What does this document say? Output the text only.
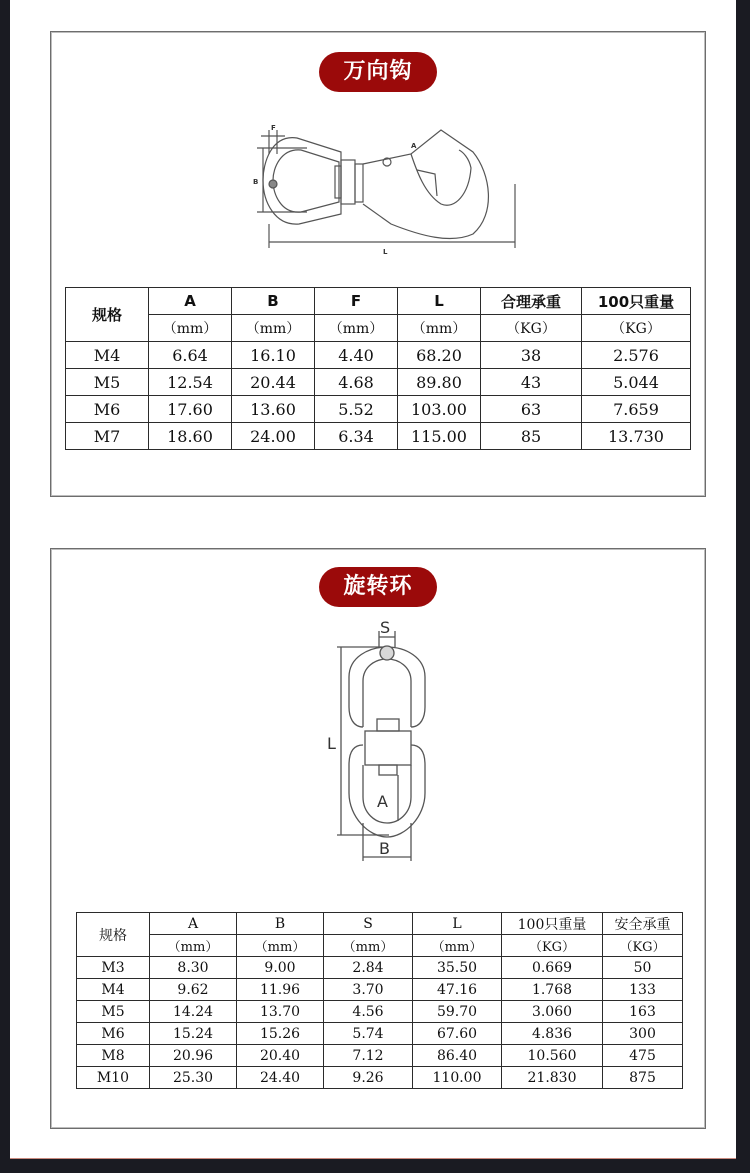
万向钩
F
B
A
L
规格	A	B	F	L	合理承重	100只重量
	（mm）	（mm）	（mm）	（mm）	（KG）	（KG）
M4	6.64	16.10	4.40	68.20	38	2.576
M5	12.54	20.44	4.68	89.80	43	5.044
M6	17.60	13.60	5.52	103.00	63	7.659
M7	18.60	24.00	6.34	115.00	85	13.730
旋转环
S
L
A
B
规格	A	B	S	L	100只重量	安全承重
	（mm）	（mm）	（mm）	（mm）	（KG）	（KG）
M3	8.30	9.00	2.84	35.50	0.669	50
M4	9.62	11.96	3.70	47.16	1.768	133
M5	14.24	13.70	4.56	59.70	3.060	163
M6	15.24	15.26	5.74	67.60	4.836	300
M8	20.96	20.40	7.12	86.40	10.560	475
M10	25.30	24.40	9.26	110.00	21.830	875
